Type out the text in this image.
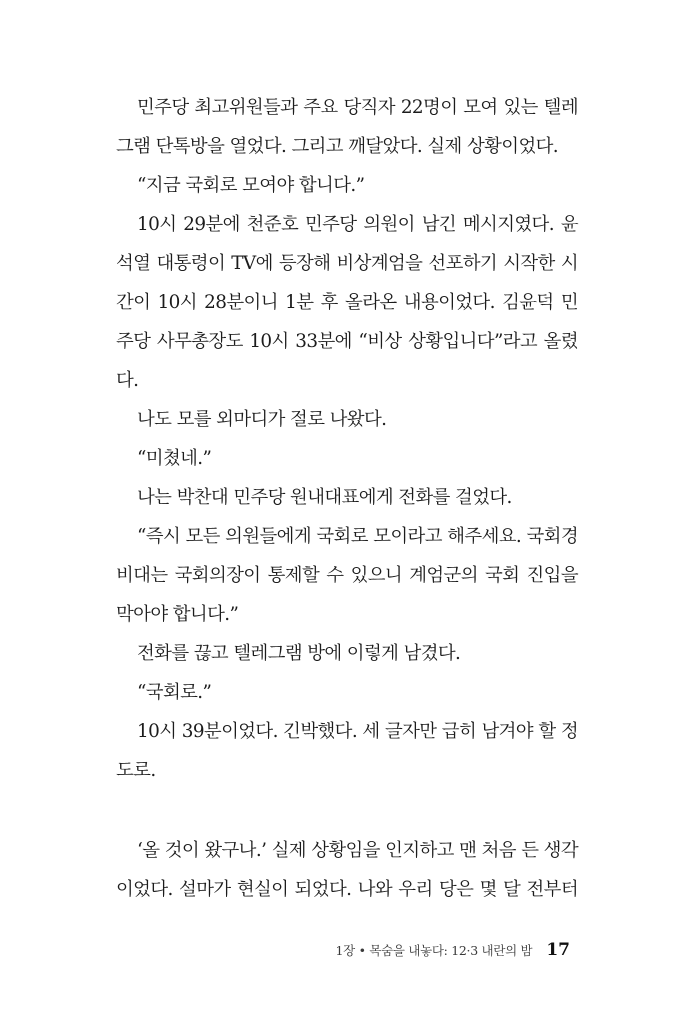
민주당 최고위원들과 주요 당직자 22명이 모여 있는 텔레그램 단톡방을 열었다. 그리고 깨달았다. 실제 상황이었다.

“지금 국회로 모여야 합니다.”

10시 29분에 천준호 민주당 의원이 남긴 메시지였다. 윤석열 대통령이 TV에 등장해 비상계엄을 선포하기 시작한 시간이 10시 28분이니 1분 후 올라온 내용이었다. 김윤덕 민주당 사무총장도 10시 33분에 “비상 상황입니다”라고 올렸다.

나도 모를 외마디가 절로 나왔다.

“미쳤네.”

나는 박찬대 민주당 원내대표에게 전화를 걸었다.

“즉시 모든 의원들에게 국회로 모이라고 해주세요. 국회경비대는 국회의장이 통제할 수 있으니 계엄군의 국회 진입을 막아야 합니다.”

전화를 끊고 텔레그램 방에 이렇게 남겼다.

“국회로.”

10시 39분이었다. 긴박했다. 세 글자만 급히 남겨야 할 정도로.

‘올 것이 왔구나.’ 실제 상황임을 인지하고 맨 처음 든 생각이었다. 설마가 현실이 되었다. 나와 우리 당은 몇 달 전부터

1장 • 목숨을 내놓다: 12·3 내란의 밤 17
